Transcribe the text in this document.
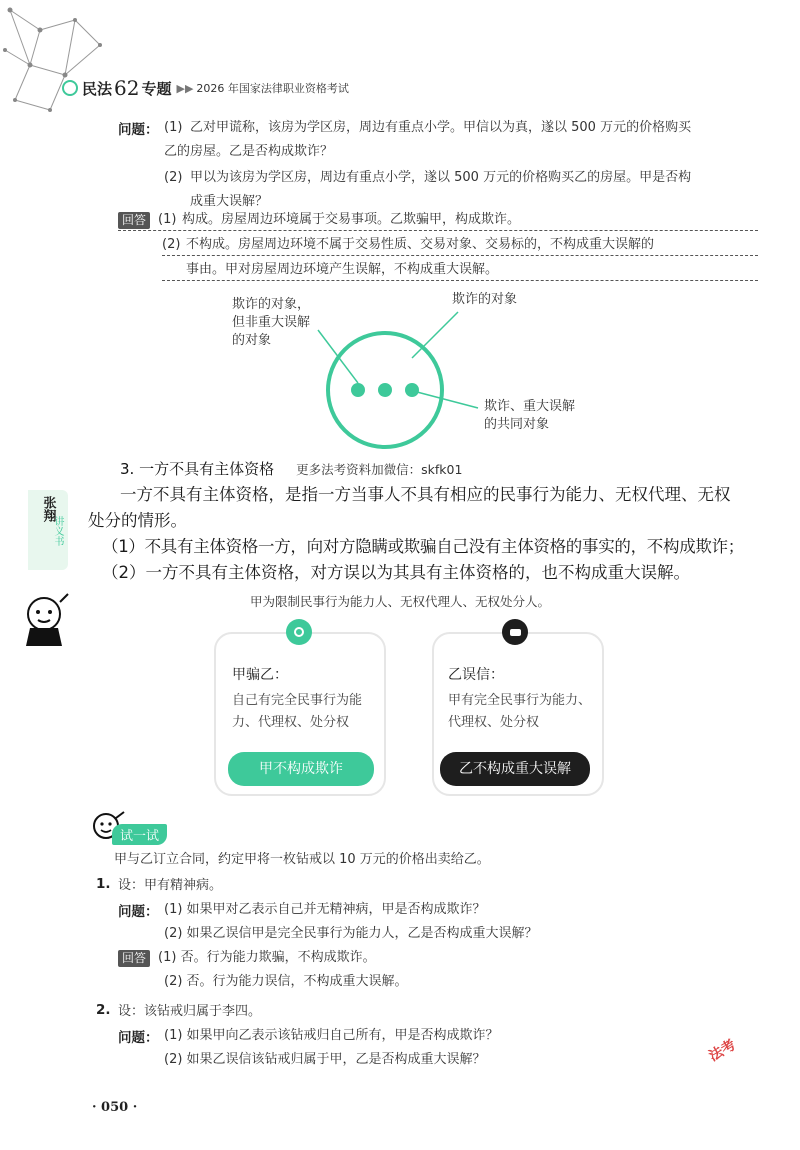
民法 62 专题 ▶▶ 2026 年国家法律职业资格考试
问题： (1) 乙对甲谎称，该房为学区房，周边有重点小学。甲信以为真，遂以 500 万元的价格购买
乙的房屋。乙是否构成欺诈？
(2) 甲以为该房为学区房，周边有重点小学，遂以 500 万元的价格购买乙的房屋。甲是否构
成重大误解？
回答 (1) 构成。房屋周边环境属于交易事项。乙欺骗甲，构成欺诈。
(2) 不构成。房屋周边环境不属于交易性质、交易对象、交易标的，不构成重大误解的
事由。甲对房屋周边环境产生误解，不构成重大误解。
欺诈的对象，
但非重大误解
的对象
欺诈的对象
欺诈、重大误解
的共同对象
3. 一方不具有主体资格 更多法考资料加微信：skfk01
一方不具有主体资格，是指一方当事人不具有相应的民事行为能力、无权代理、无权
处分的情形。
（1）不具有主体资格一方，向对方隐瞒或欺骗自己没有主体资格的事实的，不构成欺诈；
（2）一方不具有主体资格，对方误以为其具有主体资格的，也不构成重大误解。
张翔
讲义书
甲为限制民事行为能力人、无权代理人、无权处分人。
甲骗乙：
自己有完全民事行为能
力、代理权、处分权
甲不构成欺诈
乙误信：
甲有完全民事行为能力、
代理权、处分权
乙不构成重大误解
试一试
甲与乙订立合同，约定甲将一枚钻戒以 10 万元的价格出卖给乙。
1. 设：甲有精神病。
问题： (1) 如果甲对乙表示自己并无精神病，甲是否构成欺诈？
(2) 如果乙误信甲是完全民事行为能力人，乙是否构成重大误解？
回答 (1) 否。行为能力欺骗，不构成欺诈。
(2) 否。行为能力误信，不构成重大误解。
2. 设：该钻戒归属于李四。
问题： (1) 如果甲向乙表示该钻戒归自己所有，甲是否构成欺诈？
(2) 如果乙误信该钻戒归属于甲，乙是否构成重大误解？
· 050 ·
法考
